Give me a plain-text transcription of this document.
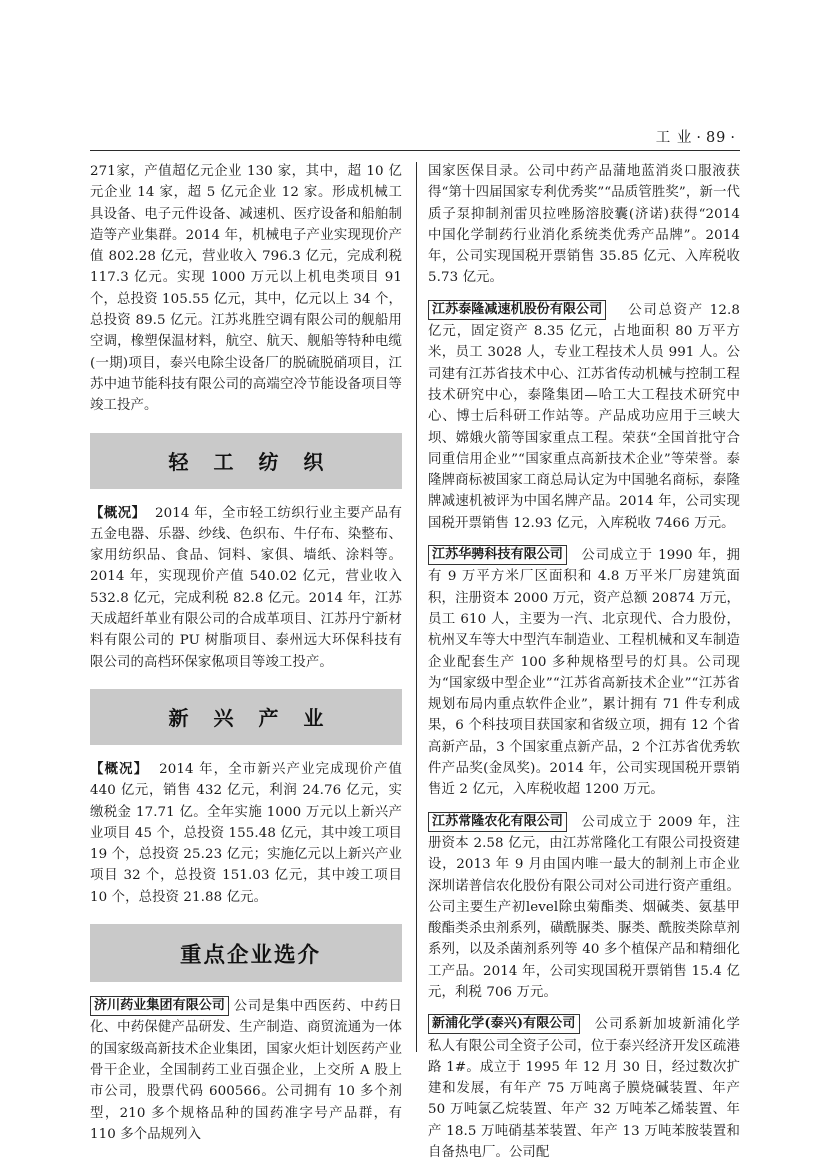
工 业 · 89 ·

271家，产值超亿元企业 130 家，其中，超 10 亿元企业 14 家，超 5 亿元企业 12 家。形成机械工具设备、电子元件设备、减速机、医疗设备和船舶制造等产业集群。2014 年，机械电子产业实现现价产值 802.28 亿元，营业收入 796.3 亿元，完成利税 117.3 亿元。实现 1000 万元以上机电类项目 91 个，总投资 105.55 亿元，其中，亿元以上 34 个，总投资 89.5 亿元。江苏兆胜空调有限公司的舰船用空调，橡塑保温材料，航空、航天、舰船等特种电缆(一期)项目，泰兴电除尘设备厂的脱硫脱硝项目，江苏中迪节能科技有限公司的高端空冷节能设备项目等竣工投产。

轻 工 纺 织

【概况】 2014 年，全市轻工纺织行业主要产品有五金电器、乐器、纱线、色织布、牛仔布、染整布、家用纺织品、食品、饲料、家俱、墙纸、涂料等。2014 年，实现现价产值 540.02 亿元，营业收入 532.8 亿元，完成利税 82.8 亿元。2014 年，江苏天成超纤革业有限公司的合成革项目、江苏丹宁新材料有限公司的 PU 树脂项目、泰州远大环保科技有限公司的高档环保家俬项目等竣工投产。

新 兴 产 业

【概况】 2014 年，全市新兴产业完成现价产值 440 亿元，销售 432 亿元，利润 24.76 亿元，实缴税金 17.71 亿。全年实施 1000 万元以上新兴产业项目 45 个，总投资 155.48 亿元，其中竣工项目 19 个，总投资 25.23 亿元；实施亿元以上新兴产业项目 32 个，总投资 151.03 亿元，其中竣工项目 10 个，总投资 21.88 亿元。

重点企业选介

济川药业集团有限公司 公司是集中西医药、中药日化、中药保健产品研发、生产制造、商贸流通为一体的国家级高新技术企业集团，国家火炬计划医药产业骨干企业，全国制药工业百强企业，上交所 A 股上市公司，股票代码 600566。公司拥有 10 多个剂型，210 多个规格品种的国药准字号产品群，有 110 多个品规列入

国家医保目录。公司中药产品蒲地蓝消炎口服液获得“第十四届国家专利优秀奖”“品质管胜奖”，新一代质子泵抑制剂雷贝拉唑肠溶胶囊(济诺)获得“2014 中国化学制药行业消化系统类优秀产品牌”。2014 年，公司实现国税开票销售 35.85 亿元、入库税收 5.73 亿元。

江苏泰隆减速机股份有限公司 公司总资产 12.8 亿元，固定资产 8.35 亿元，占地面积 80 万平方米，员工 3028 人，专业工程技术人员 991 人。公司建有江苏省技术中心、江苏省传动机械与控制工程技术研究中心，泰隆集团—哈工大工程技术研究中心、博士后科研工作站等。产品成功应用于三峡大坝、嫦娥火箭等国家重点工程。荣获“全国首批守合同重信用企业”“国家重点高新技术企业”等荣誉。泰隆牌商标被国家工商总局认定为中国驰名商标，泰隆牌减速机被评为中国名牌产品。2014 年，公司实现国税开票销售 12.93 亿元，入库税收 7466 万元。

江苏华骋科技有限公司 公司成立于 1990 年，拥有 9 万平方米厂区面积和 4.8 万平米厂房建筑面积，注册资本 2000 万元，资产总额 20874 万元，员工 610 人，主要为一汽、北京现代、合力股份，杭州叉车等大中型汽车制造业、工程机械和叉车制造企业配套生产 100 多种规格型号的灯具。公司现为“国家级中型企业”“江苏省高新技术企业”“江苏省规划布局内重点软件企业”，累计拥有 71 件专利成果，6 个科技项目获国家和省级立项，拥有 12 个省高新产品，3 个国家重点新产品，2 个江苏省优秀软件产品奖(金凤奖)。2014 年，公司实现国税开票销售近 2 亿元，入库税收超 1200 万元。

江苏常隆农化有限公司 公司成立于 2009 年，注册资本 2.58 亿元，由江苏常隆化工有限公司投资建设，2013 年 9 月由国内唯一最大的制剂上市企业深圳诺普信农化股份有限公司对公司进行资产重组。公司主要生产初level除虫菊酯类、烟碱类、氨基甲酸酯类杀虫剂系列，磺酰脲类、脲类、酰胺类除草剂系列，以及杀菌剂系列等 40 多个植保产品和精细化工产品。2014 年，公司实现国税开票销售 15.4 亿元，利税 706 万元。

新浦化学(泰兴)有限公司 公司系新加坡新浦化学私人有限公司全资子公司，位于泰兴经济开发区疏港路 1#。成立于 1995 年 12 月 30 日，经过数次扩建和发展，有年产 75 万吨离子膜烧碱装置、年产 50 万吨氯乙烷装置、年产 32 万吨苯乙烯装置、年产 18.5 万吨硝基苯装置、年产 13 万吨苯胺装置和自备热电厂。公司配
